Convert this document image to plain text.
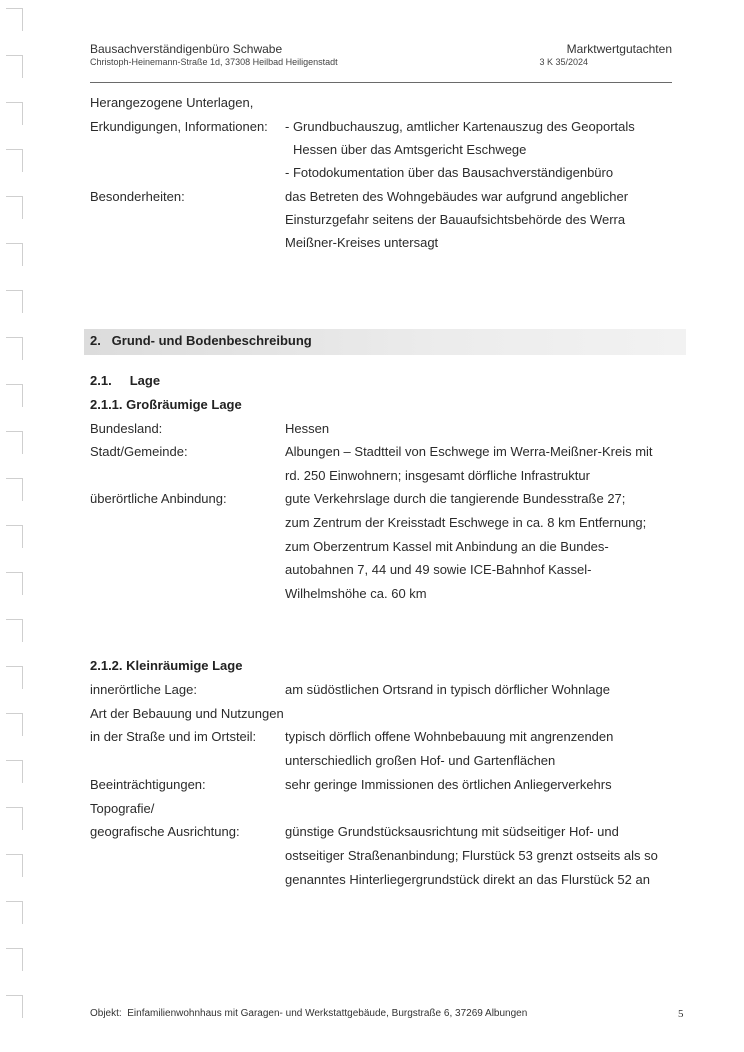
Bausachverständigenbüro Schwabe
Christoph-Heinemann-Straße 1d, 37308 Heilbad Heiligenstadt
Marktwertgutachten
3 K 35/2024
Herangezogene Unterlagen,
Erkundigungen, Informationen: - Grundbuchauszug, amtlicher Kartenauszug des Geoportals
Hessen über das Amtsgericht Eschwege
- Fotodokumentation über das Bausachverständigenbüro
Besonderheiten:	das Betreten des Wohngebäudes war aufgrund angeblicher
Einsturzgefahr seitens der Bauaufsichtsbehörde des Werra
Meißner-Kreises untersagt
2.   Grund- und Bodenbeschreibung
2.1.     Lage
2.1.1. Großräumige Lage
Bundesland:	Hessen
Stadt/Gemeinde:	Albungen – Stadtteil von Eschwege im Werra-Meißner-Kreis mit
rd. 250 Einwohnern; insgesamt dörfliche Infrastruktur
überörtliche Anbindung:	gute Verkehrslage durch die tangierende Bundesstraße 27;
zum Zentrum der Kreisstadt Eschwege in ca. 8 km Entfernung;
zum Oberzentrum Kassel mit Anbindung an die Bundes-
autobahnen 7, 44 und 49 sowie ICE-Bahnhof Kassel-
Wilhelmshöhe ca. 60 km
2.1.2. Kleinräumige Lage
innerörtliche Lage:	am südöstlichen Ortsrand in typisch dörflicher Wohnlage
Art der Bebauung und Nutzungen
in der Straße und im Ortsteil: typisch dörflich offene Wohnbebauung mit angrenzenden
unterschiedlich großen Hof- und Gartenflächen
Beeinträchtigungen:	sehr geringe Immissionen des örtlichen Anliegerverkehrs
Topografie/
geografische Ausrichtung:	günstige Grundstücksausrichtung mit südseitiger Hof- und
ostseitiger Straßenanbindung; Flurstück 53 grenzt ostseits als so
genanntes Hinterliegergrundstück direkt an das Flurstück 52 an
Objekt:  Einfamilienwohnhaus mit Garagen- und Werkstattgebäude, Burgstraße 6, 37269 Albungen	5
